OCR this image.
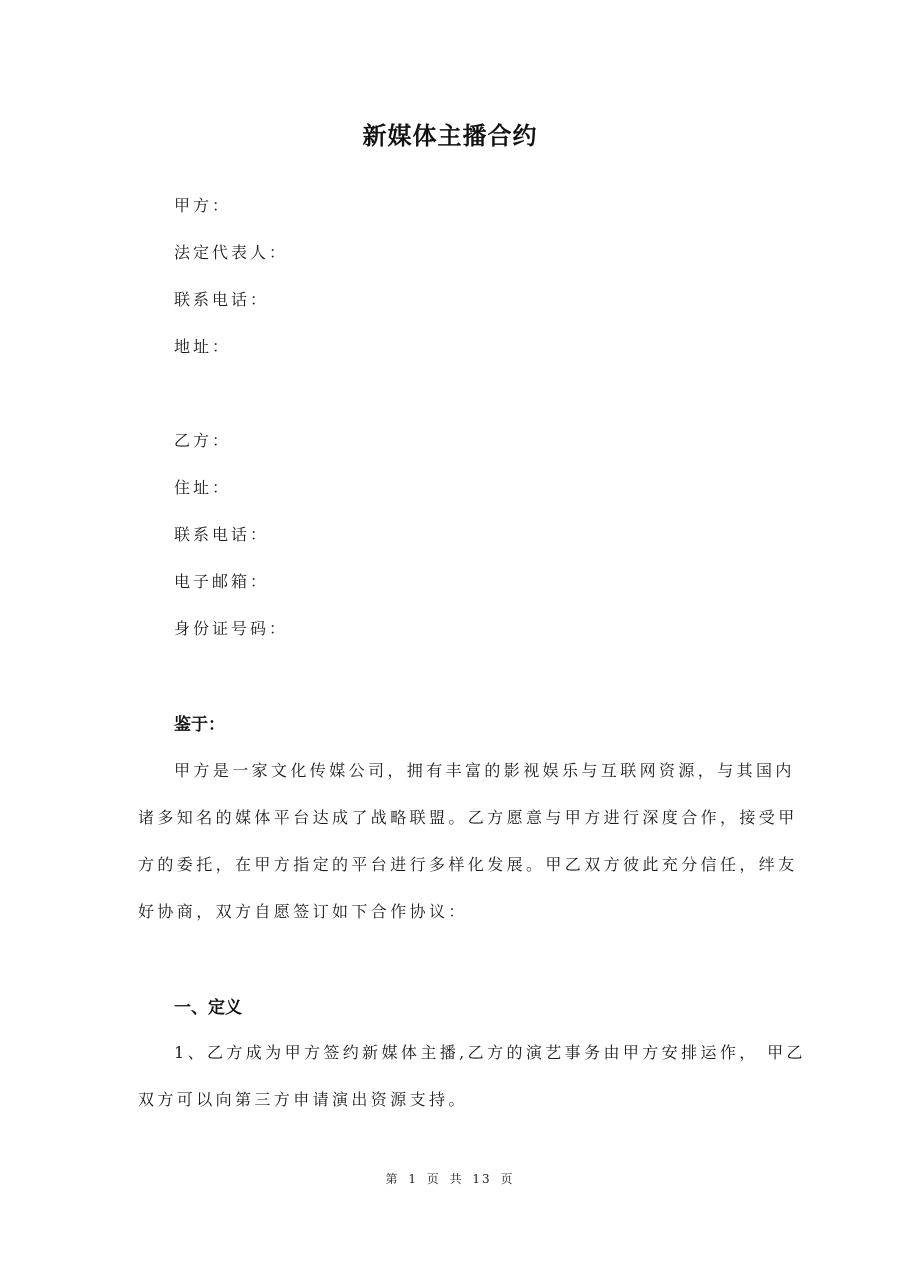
新媒体主播合约
甲方：
法定代表人：
联系电话：
地址：
乙方：
住址：
联系电话：
电子邮箱：
身份证号码：
鉴于：
甲方是一家文化传媒公司，拥有丰富的影视娱乐与互联网资源，与其国内
诸多知名的媒体平台达成了战略联盟。乙方愿意与甲方进行深度合作，接受甲
方的委托，在甲方指定的平台进行多样化发展。甲乙双方彼此充分信任，绊友
好协商，双方自愿签订如下合作协议：
一、定义
1、乙方成为甲方签约新媒体主播,乙方的演艺事务由甲方安排运作， 甲乙
双方可以向第三方申请演出资源支持。
第 1 页 共 13 页
